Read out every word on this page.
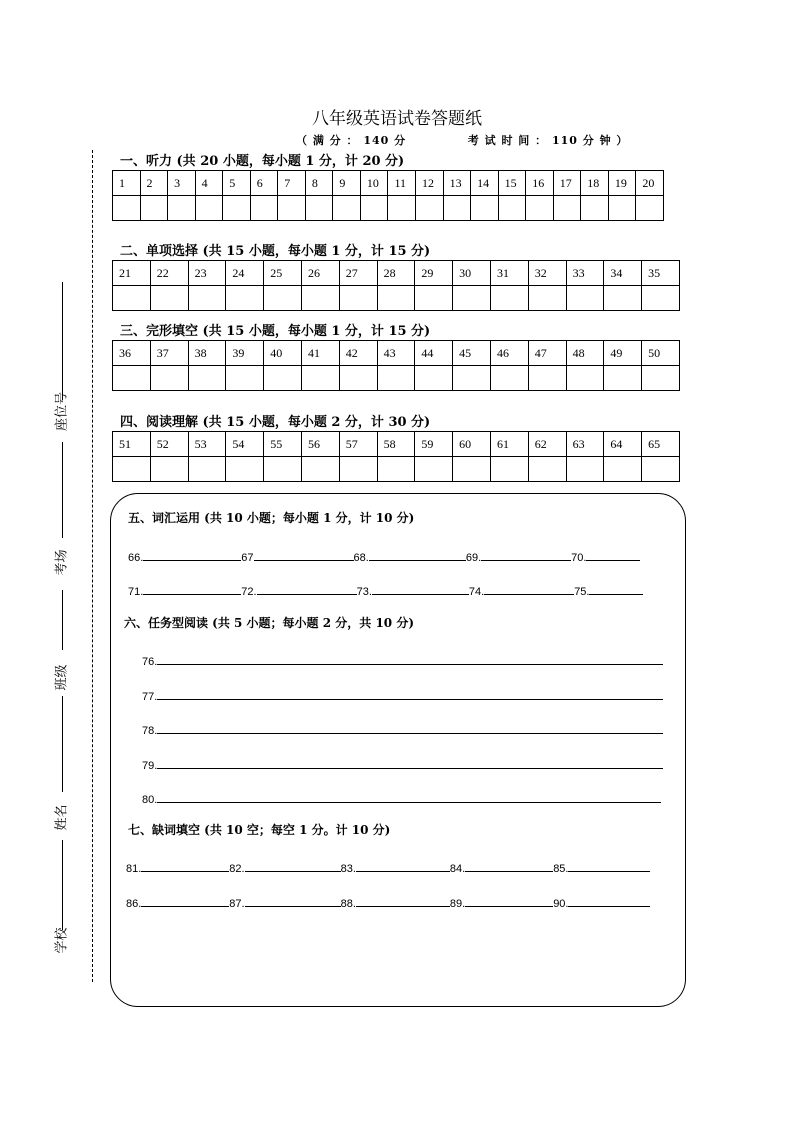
八年级英语试卷答题纸
（ 满 分 ： 140 分	考 试 时 间 ： 110 分 钟 ）
座位号
考场
班级
姓名
学校
一、听力 (共 20 小题，每小题 1 分，计 20 分)
1	2	3	4	5	6	7	8	9	10	11	12	13	14	15	16	17	18	19	20

二、单项选择 (共 15 小题，每小题 1 分，计 15 分)
21	22	23	24	25	26	27	28	29	30	31	32	33	34	35

三、完形填空 (共 15 小题，每小题 1 分，计 15 分)
36	37	38	39	40	41	42	43	44	45	46	47	48	49	50

四、阅读理解 (共 15 小题，每小题 2 分，计 30 分)
51	52	53	54	55	56	57	58	59	60	61	62	63	64	65

五、词汇运用 (共 10 小题；每小题 1 分，计 10 分)
66.	67	68.	69.	70.
71.	72.	73.	74.	75.
六、任务型阅读 (共 5 小题；每小题 2 分，共 10 分)
76.
77.
78.
79.
80.
七、缺词填空 (共 10 空；每空 1 分。计 10 分)
81.	82.	83.	84.	85.
86.	87.	88.	89.	90.
